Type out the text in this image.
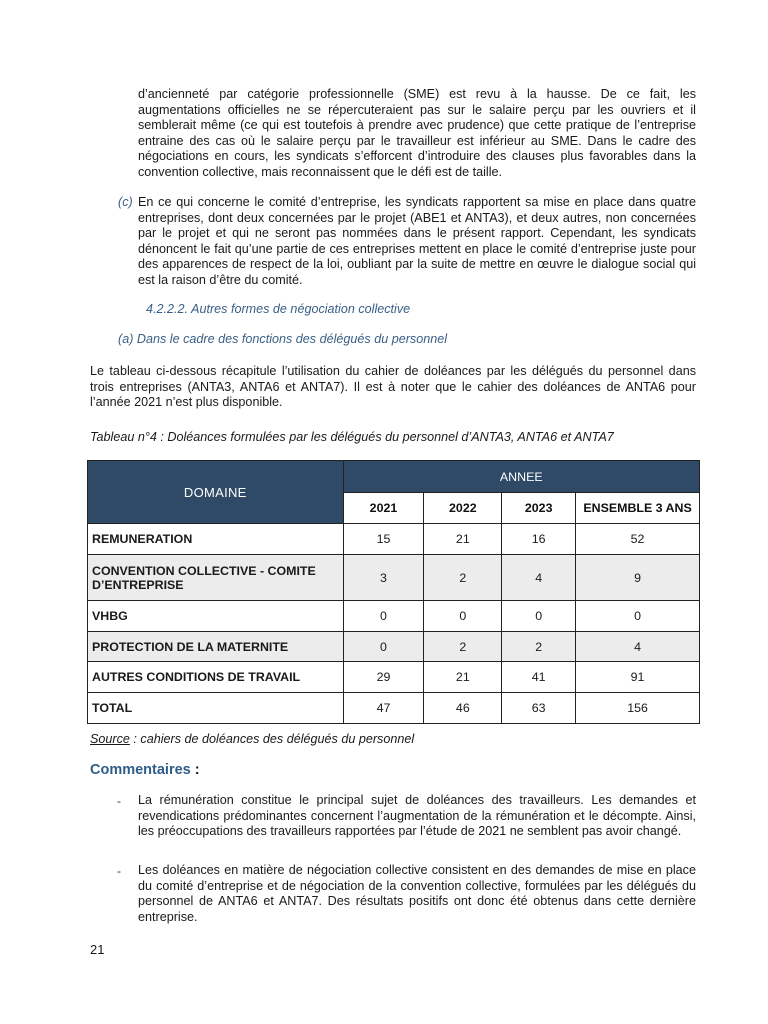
d’ancienneté par catégorie professionnelle (SME) est revu à la hausse. De ce fait, les augmentations officielles ne se répercuteraient pas sur le salaire perçu par les ouvriers et il semblerait même (ce qui est toutefois à prendre avec prudence) que cette pratique de l’entreprise entraine des cas où le salaire perçu par le travailleur est inférieur au SME. Dans le cadre des négociations en cours, les syndicats s’efforcent d’introduire des clauses plus favorables dans la convention collective, mais reconnaissent que le défi est de taille.

(c) En ce qui concerne le comité d’entreprise, les syndicats rapportent sa mise en place dans quatre entreprises, dont deux concernées par le projet (ABE1 et ANTA3), et deux autres, non concernées par le projet et qui ne seront pas nommées dans le présent rapport. Cependant, les syndicats dénoncent le fait qu’une partie de ces entreprises mettent en place le comité d’entreprise juste pour des apparences de respect de la loi, oubliant par la suite de mettre en œuvre le dialogue social qui est la raison d’être du comité.

4.2.2.2. Autres formes de négociation collective
(a) Dans le cadre des fonctions des délégués du personnel

Le tableau ci-dessous récapitule l’utilisation du cahier de doléances par les délégués du personnel dans trois entreprises (ANTA3, ANTA6 et ANTA7). Il est à noter que le cahier des doléances de ANTA6 pour l’année 2021 n’est plus disponible.

Tableau n°4 : Doléances formulées par les délégués du personnel d’ANTA3, ANTA6 et ANTA7
DOMAINE	ANNEE			
	2021	2022	2023	ENSEMBLE 3 ANS
REMUNERATION	15	21	16	52
CONVENTION COLLECTIVE - COMITE D’ENTREPRISE	3	2	4	9
VHBG	0	0	0	0
PROTECTION DE LA MATERNITE	0	2	2	4
AUTRES CONDITIONS DE TRAVAIL	29	21	41	91
TOTAL	47	46	63	156
Source : cahiers de doléances des délégués du personnel
Commentaires :
- La rémunération constitue le principal sujet de doléances des travailleurs. Les demandes et revendications prédominantes concernent l’augmentation de la rémunération et le décompte. Ainsi, les préoccupations des travailleurs rapportées par l’étude de 2021 ne semblent pas avoir changé.

- Les doléances en matière de négociation collective consistent en des demandes de mise en place du comité d’entreprise et de négociation de la convention collective, formulées par les délégués du personnel de ANTA6 et ANTA7. Des résultats positifs ont donc été obtenus dans cette dernière entreprise.

21
